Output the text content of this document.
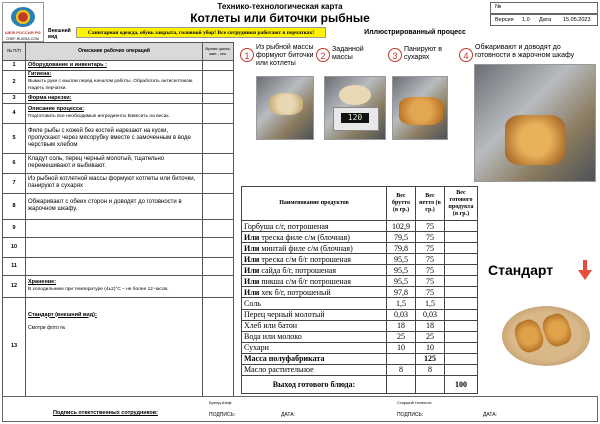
ШЕФ.РОССИЯ.РФ
CHEF-RUSSIA.COM
Технико-технологическая карта
Котлеты или биточки рыбные
№
Версия 1.0 Дата 15.05.2023
Внешний вид
Санитарная одежда, обувь закрыта, головной убор! Все сотрудники работают в перчатках!	Иллюстрированный процесс
№ П/П	Описание рабочих операций	Время цикла, мин., сек.
1	Оборудование и инвентарь :	
2	Гигиена:
Вымыть руки с мылом перед началом работы. Обработать антисептиком. Надеть перчатки.	
3	Форма нарезки:	
4	Описание процесса:
Подготовить все необходимые ингредиенты Взвесить на весах.	
5	Филе рыбы с кожей без костей нарезают на куски, пропускают через мясорубку вместе с замоченным в воде черствым хлебом	
6	Кладут соль, перец черный молотый, тщательно перемешивают и выбивают.	
7	Из рыбной котлетной массы формуют котлеты или биточки, панируют в сухарях	
8	Обжаривают с обеих сторон и доводят до готовности в жарочном шкафу.	
9		
10		
11		
12	Хранение:
В холодильнике при температуре (4±2)°С – не более 12 часов.	
13	Стандарт (внешний вид):

Смотри фото №	
1
Из рыбной массы формуют биточки или котлеты
2
Заданной массы	3
Панируют в сухарях	4
Обжаривают и доводят до готовности в жарочном шкафу
120
Наименование продуктов	Вес брутто (в гр.)	Вес нетто (в гр.)	Вес готового продукта (в гр.)
Горбуша с/г, потрошеная	102,9	75	
Или треска филе с/м (блочная)	79,5	75	
Или минтай филе с/м (блочная)	79,8	75	
Или треска с/м б/г потрошеная	95,5	75	
Или сайда б/г, потрошеная	95,5	75	
Или пикша с/м б/г потрошеная	95,5	75	
Или хек б/г, потрошеный	97,8	75	
Соль	1,5	1,5	
Перец черный молотый	0,03	0,03	
Хлеб или батон	18	18	
Вода или молоко	25	25	
Сухари	10	10	
Масса полуфабриката		125	
Масло растительное	8	8	
Выход готового блюда:			100
Стандарт
Подпись ответственных сотрудников:
Бренд-Шеф:
ПОДПИСЬ:	ДАТА:
Старший технолог:
ПОДПИСЬ:	ДАТА:
